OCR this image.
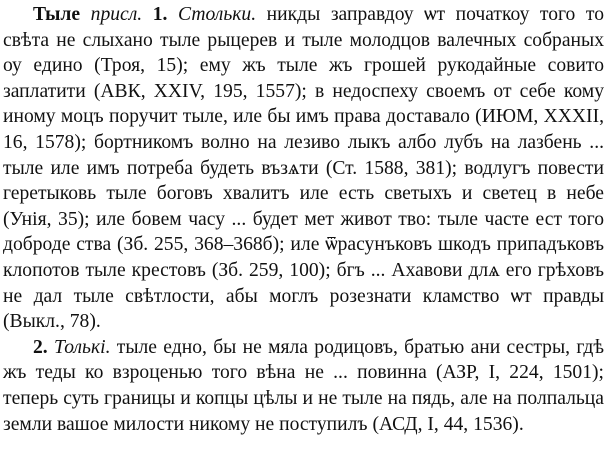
Тыле присл. 1. Стольки. никды заправдоу ѡт початкоу того то свѣта не слыхано тыле рыцерев и тыле молодцов валечных собраных оу едино (Троя, 15); ему жъ тыле жъ грошей рукодайные совито заплатити (АВК, XXIV, 195, 1557); в недоспеху своемъ от себе кому иному моцъ поручит тыле, иле бы имъ права доставало (ИЮМ, XXXII, 16, 1578); бортникомъ волно на лезиво лыкъ албо лубъ на лазбень ... тыле иле имъ потреба будеть възѧти (Ст. 1588, 381); водлугъ повести геретыковь тыле боговъ хвалитъ иле есть светыхъ и светец в небе (Унія, 35); иле бовем часу ... будет мет живот тво: тыле часте ест того доброде ства (Зб. 255, 368–368б); иле ѿрасунъковъ шкодъ припадъковъ клопотов тыле крестовъ (Зб. 259, 100); бгъ ... Ахавови длѧ его грѣховъ не дал тыле свѣтлости, абы моглъ розезнати кламство ѡт правды (Выкл., 78).

2. Толькі. тыле едно, бы не мяла родицовъ, братью ани сестры, гдѣ жъ теды ко взроценью того вѣна не ... повинна (АЗР, I, 224, 1501); теперь суть границы и копцы цѣлы и не тыле на пядь, але на полпальца земли вашое милости никому не поступилъ (АСД, I, 44, 1536).
